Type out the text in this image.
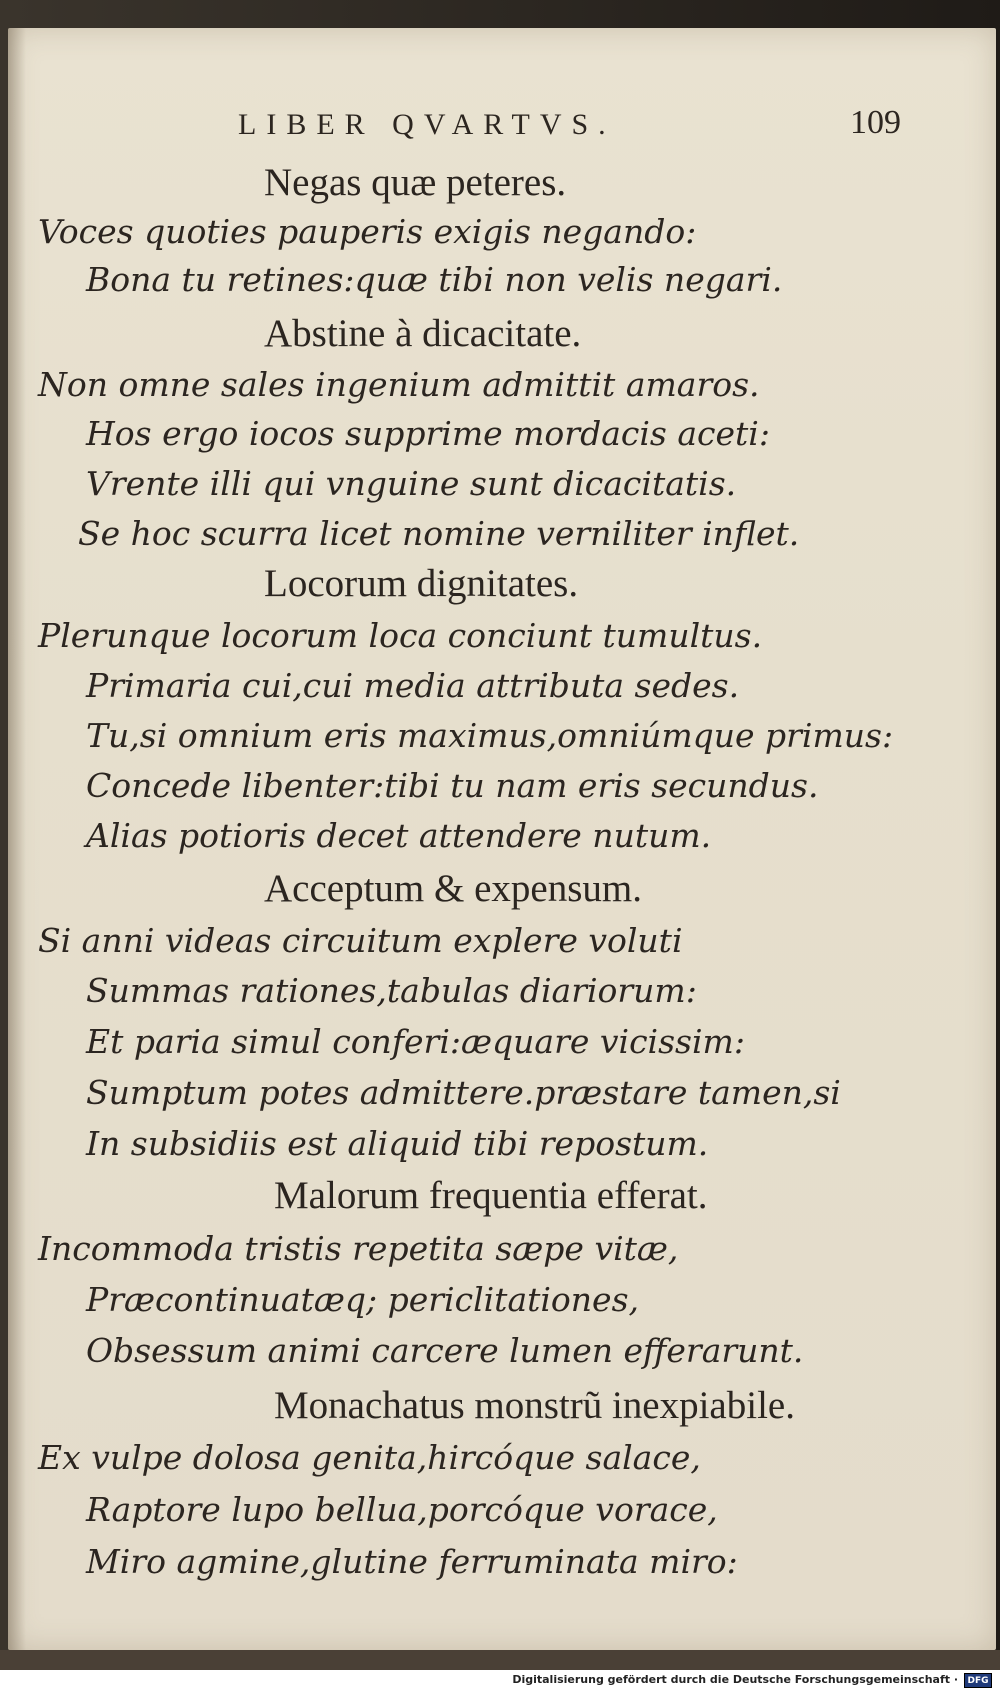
LIBER QVARTVS.	109
Negas quæ peteres.
Voces quoties pauperis exigis negando:
Bona tu retines:quæ tibi non velis negari.
Abstine à dicacitate.
Non omne sales ingenium admittit amaros.
Hos ergo iocos supprime mordacis aceti:
Vrente illi qui vnguine sunt dicacitatis.
Se hoc scurra licet nomine verniliter inflet.
Locorum dignitates.
Plerunque locorum loca conciunt tumultus.
Primaria cui,cui media attributa sedes.
Tu,si omnium eris maximus,omniúmque primus:
Concede libenter:tibi tu nam eris secundus.
Alias potioris decet attendere nutum.
Acceptum & expensum.
Si anni videas circuitum explere voluti
Summas rationes,tabulas diariorum:
Et paria simul conferi:æquare vicissim:
Sumptum potes admittere.præstare tamen,si
In subsidiis est aliquid tibi repostum.
Malorum frequentia efferat.
Incommoda tristis repetita sæpe vitæ,
Præcontinuatæq; periclitationes,
Obsessum animi carcere lumen efferarunt.
Monachatus monstrũ inexpiabile.
Ex vulpe dolosa genita,hircóque salace,
Raptore lupo bellua,porcóque vorace,
Miro agmine,glutine ferruminata miro:
Digitalisierung gefördert durch die Deutsche Forschungsgemeinschaft ·	DFG
